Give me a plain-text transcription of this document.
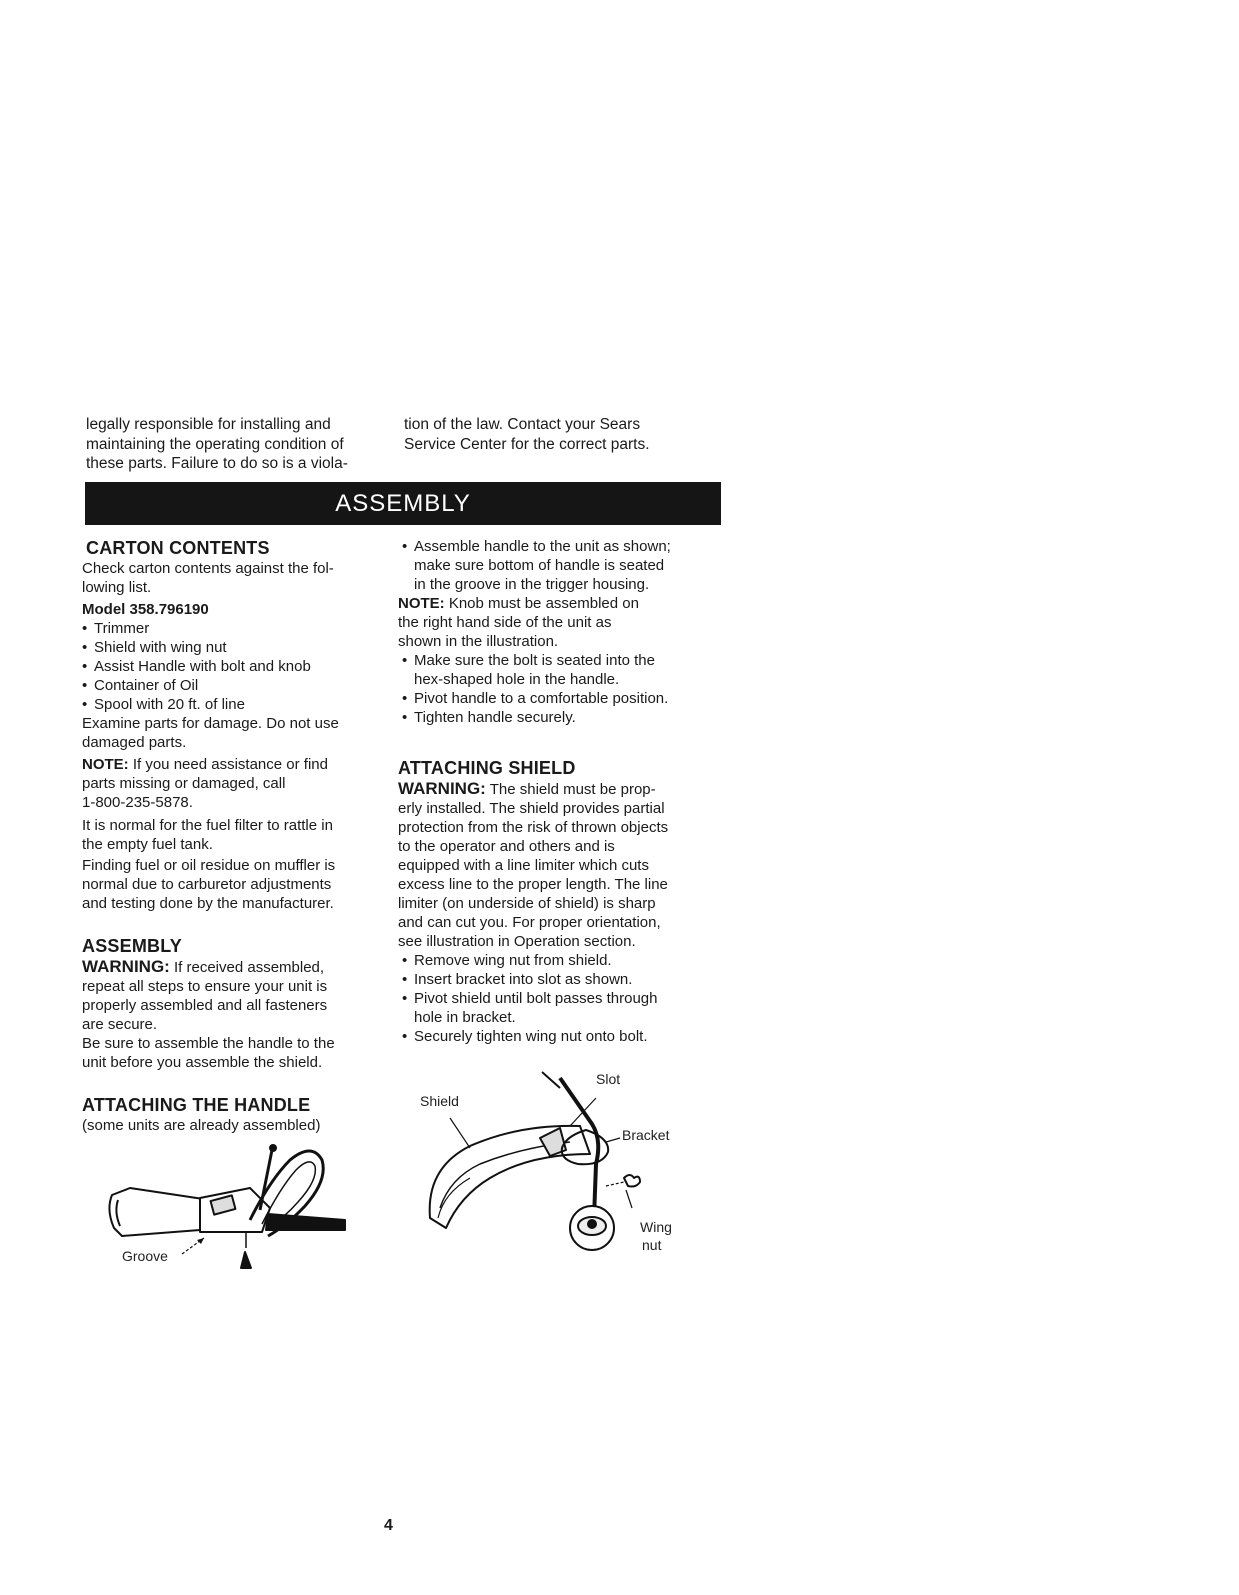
legally responsible for installing and

maintaining the operating condition of

these parts. Failure to do so is a viola-

tion of the law. Contact your Sears

Service Center for the correct parts.

ASSEMBLY
CARTON CONTENTS

Check carton contents against the fol-

lowing list.

Model 358.796190

• Trimmer
• Shield with wing nut
• Assist Handle with bolt and knob
• Container of Oil
• Spool with 20 ft. of line

Examine parts for damage. Do not use

damaged parts.

NOTE: If you need assistance or find

parts missing or damaged, call

1-800-235-5878.

It is normal for the fuel filter to rattle in

the empty fuel tank.

Finding fuel or oil residue on muffler is

normal due to carburetor adjustments

and testing done by the manufacturer.

ASSEMBLY

WARNING: If received assembled,

repeat all steps to ensure your unit is

properly assembled and all fasteners

are secure.

Be sure to assemble the handle to the

unit before you assemble the shield.

ATTACHING THE HANDLE

(some units are already assembled)

Groove
• Assemble handle to the unit as shown;
make sure bottom of handle is seated
in the groove in the trigger housing.

NOTE: Knob must be assembled on

the right hand side of the unit as

shown in the illustration.

• Make sure the bolt is seated into the
hex-shaped hole in the handle.
• Pivot handle to a comfortable position.
• Tighten handle securely.
ATTACHING SHIELD

WARNING: The shield must be prop-

erly installed. The shield provides partial

protection from the risk of thrown objects

to the operator and others and is

equipped with a line limiter which cuts

excess line to the proper length. The line

limiter (on underside of shield) is sharp

and can cut you. For proper orientation,

see illustration in Operation section.

• Remove wing nut from shield.
• Insert bracket into slot as shown.
• Pivot shield until bolt passes through
hole in bracket.
• Securely tighten wing nut onto bolt.
Slot
Shield
Bracket
Wing
nut
4
